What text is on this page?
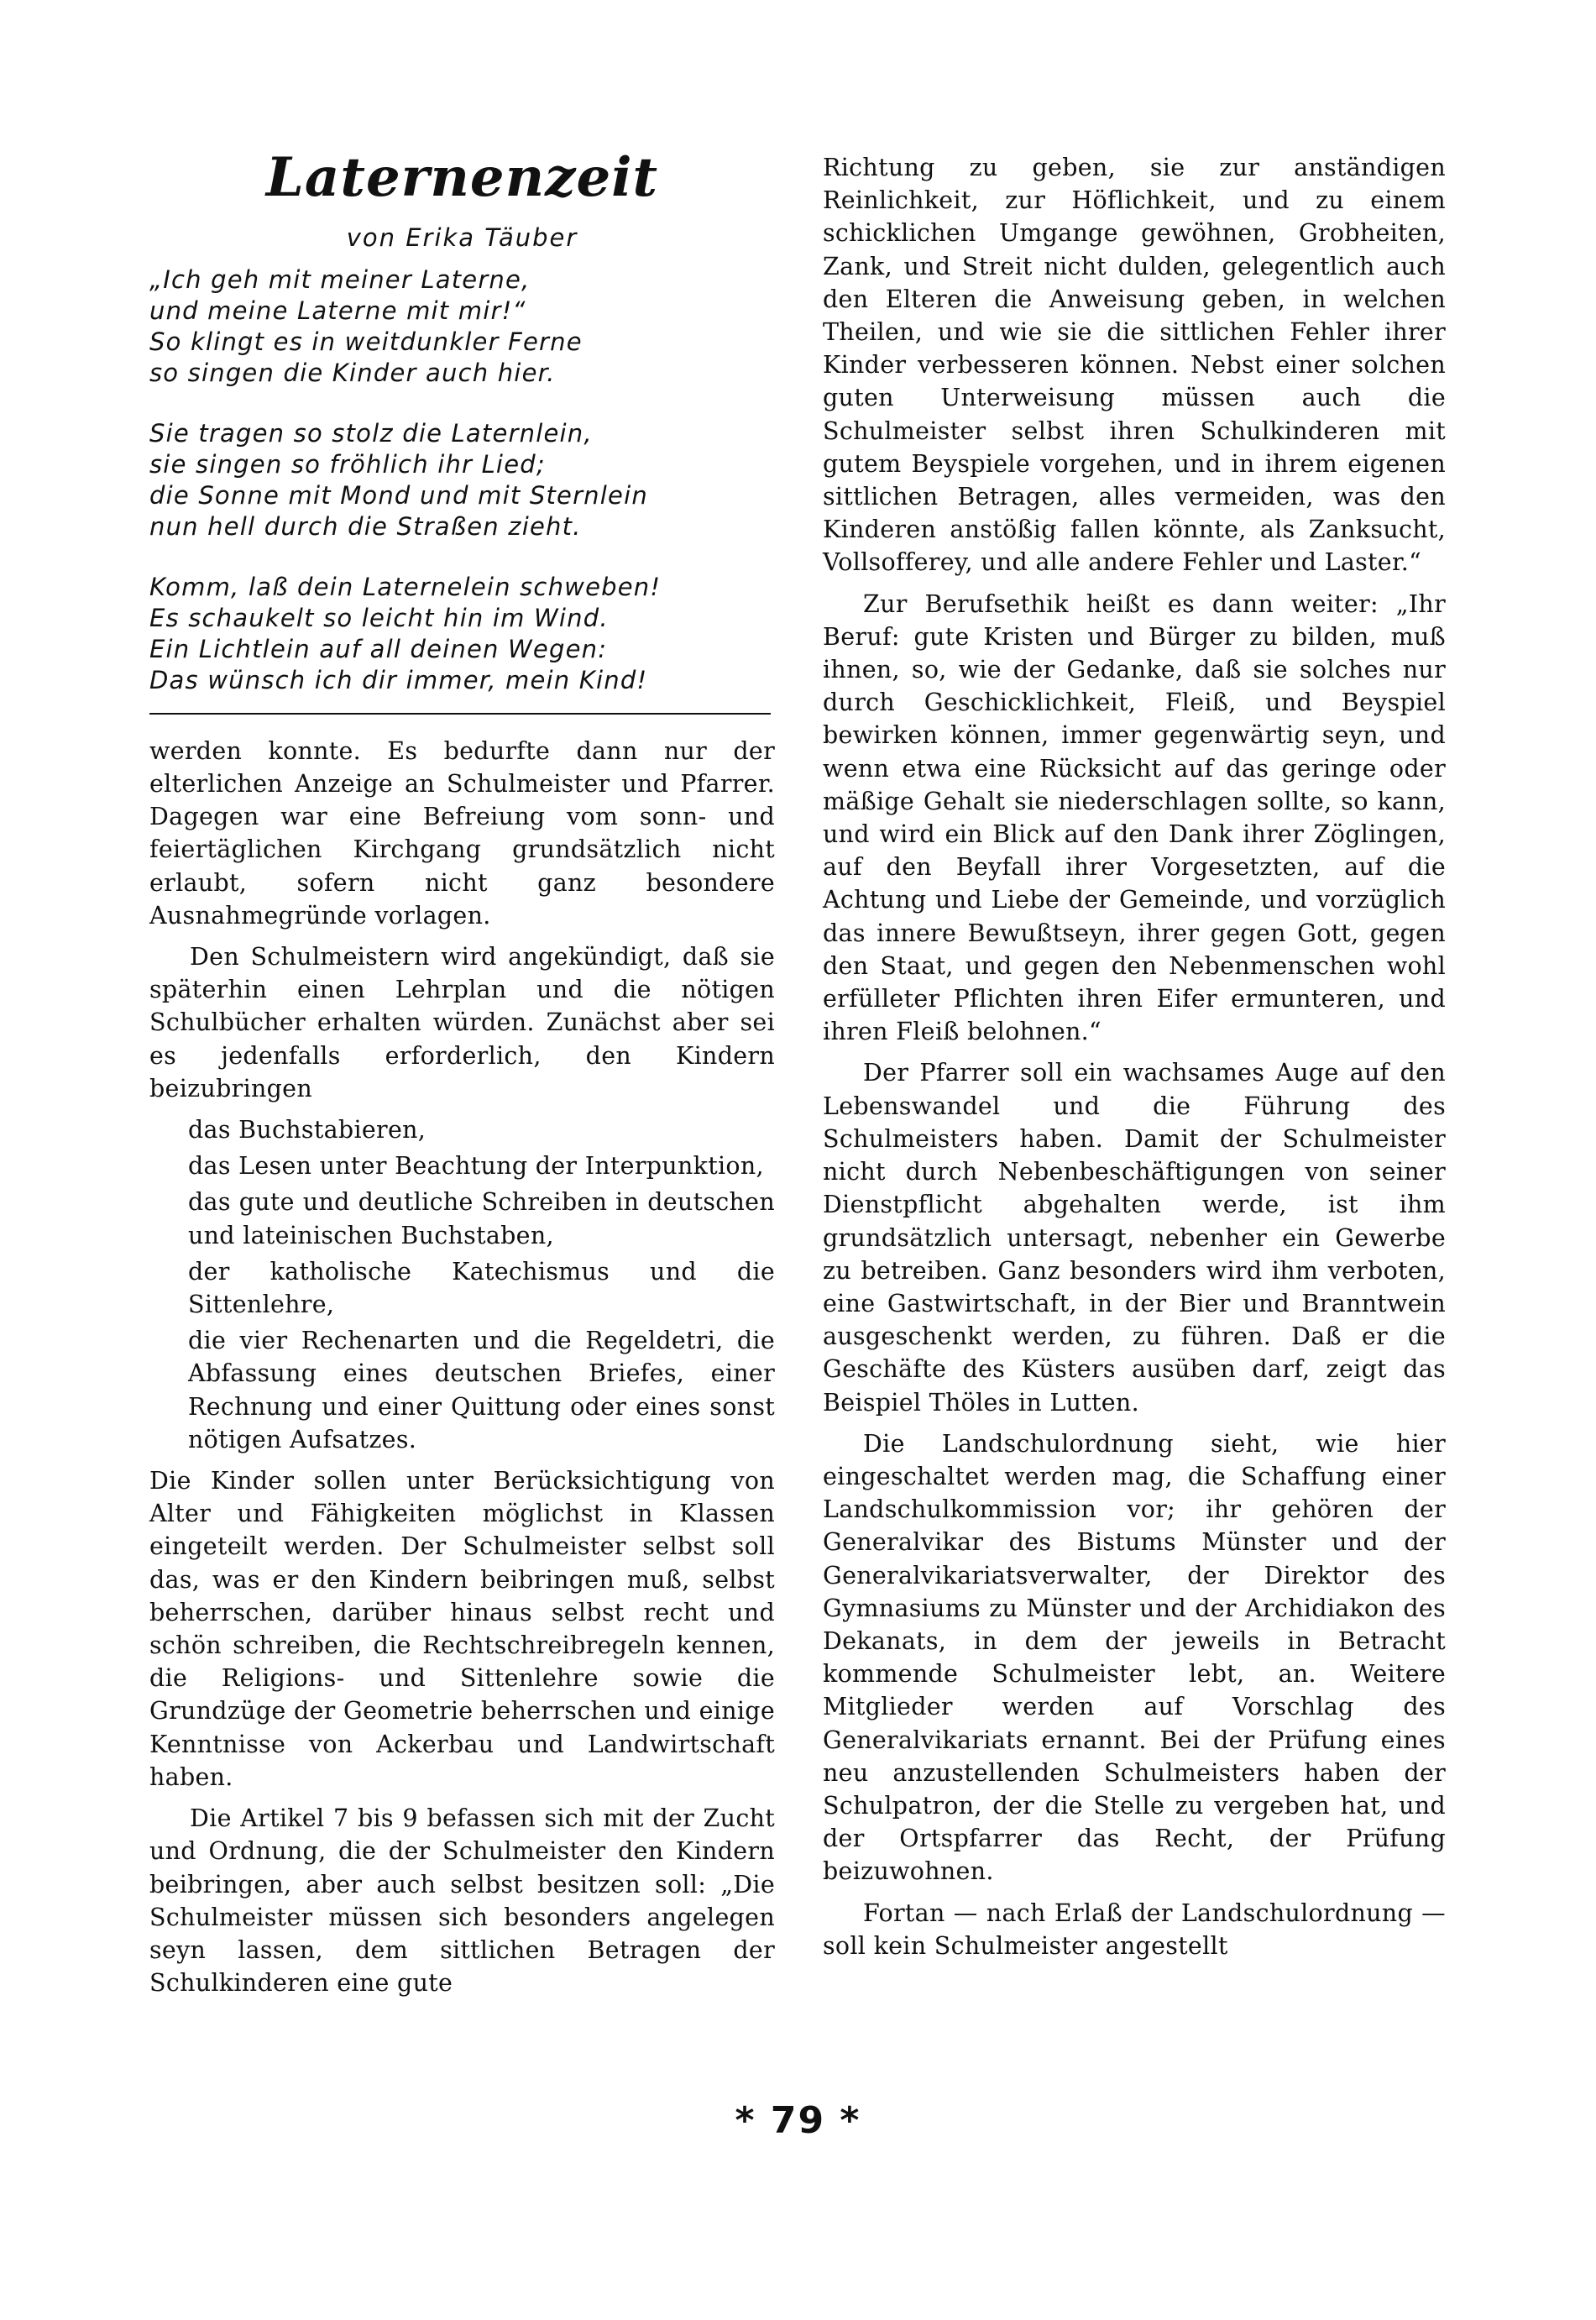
Laternenzeit
von Erika Täuber
„Ich geh mit meiner Laterne,
und meine Laterne mit mir!“
So klingt es in weitdunkler Ferne
so singen die Kinder auch hier.
Sie tragen so stolz die Laternlein,
sie singen so fröhlich ihr Lied;
die Sonne mit Mond und mit Sternlein
nun hell durch die Straßen zieht.
Komm, laß dein Laternelein schweben!
Es schaukelt so leicht hin im Wind.
Ein Lichtlein auf all deinen Wegen:
Das wünsch ich dir immer, mein Kind!

werden konnte. Es bedurfte dann nur der elterlichen Anzeige an Schulmeister und Pfarrer. Dagegen war eine Befreiung vom sonn- und feiertäglichen Kirchgang grundsätzlich nicht erlaubt, sofern nicht ganz besondere Ausnahmegründe vorlagen.

Den Schulmeistern wird angekündigt, daß sie späterhin einen Lehrplan und die nötigen Schulbücher erhalten würden. Zunächst aber sei es jedenfalls erforderlich, den Kindern beizubringen

das Buchstabieren,
das Lesen unter Beachtung der Interpunktion,
das gute und deutliche Schreiben in deutschen und lateinischen Buchstaben,
der katholische Katechismus und die Sittenlehre,
die vier Rechenarten und die Regeldetri, die Abfassung eines deutschen Briefes, einer Rechnung und einer Quittung oder eines sonst nötigen Aufsatzes.

Die Kinder sollen unter Berücksichtigung von Alter und Fähigkeiten möglichst in Klassen eingeteilt werden. Der Schulmeister selbst soll das, was er den Kindern beibringen muß, selbst beherrschen, darüber hinaus selbst recht und schön schreiben, die Rechtschreibregeln kennen, die Religions- und Sittenlehre sowie die Grundzüge der Geometrie beherrschen und einige Kenntnisse von Ackerbau und Landwirtschaft haben.

Die Artikel 7 bis 9 befassen sich mit der Zucht und Ordnung, die der Schulmeister den Kindern beibringen, aber auch selbst besitzen soll: „Die Schulmeister müssen sich besonders angelegen seyn lassen, dem sittlichen Betragen der Schulkinderen eine gute

Richtung zu geben, sie zur anständigen Reinlichkeit, zur Höflichkeit, und zu einem schicklichen Umgange gewöhnen, Grobheiten, Zank, und Streit nicht dulden, gelegentlich auch den Elteren die Anweisung geben, in welchen Theilen, und wie sie die sittlichen Fehler ihrer Kinder verbesseren können. Nebst einer solchen guten Unterweisung müssen auch die Schulmeister selbst ihren Schulkinderen mit gutem Beyspiele vorgehen, und in ihrem eigenen sittlichen Betragen, alles vermeiden, was den Kinderen anstößig fallen könnte, als Zanksucht, Vollsofferey, und alle andere Fehler und Laster.“

Zur Berufsethik heißt es dann weiter: „Ihr Beruf: gute Kristen und Bürger zu bilden, muß ihnen, so, wie der Gedanke, daß sie solches nur durch Geschicklichkeit, Fleiß, und Beyspiel bewirken können, immer gegenwärtig seyn, und wenn etwa eine Rücksicht auf das geringe oder mäßige Gehalt sie niederschlagen sollte, so kann, und wird ein Blick auf den Dank ihrer Zöglingen, auf den Beyfall ihrer Vorgesetzten, auf die Achtung und Liebe der Gemeinde, und vorzüglich das innere Bewußtseyn, ihrer gegen Gott, gegen den Staat, und gegen den Nebenmenschen wohl erfülleter Pflichten ihren Eifer ermunteren, und ihren Fleiß belohnen.“

Der Pfarrer soll ein wachsames Auge auf den Lebenswandel und die Führung des Schulmeisters haben. Damit der Schulmeister nicht durch Nebenbeschäftigungen von seiner Dienstpflicht abgehalten werde, ist ihm grundsätzlich untersagt, nebenher ein Gewerbe zu betreiben. Ganz besonders wird ihm verboten, eine Gastwirtschaft, in der Bier und Branntwein ausgeschenkt werden, zu führen. Daß er die Geschäfte des Küsters ausüben darf, zeigt das Beispiel Thöles in Lutten.

Die Landschulordnung sieht, wie hier eingeschaltet werden mag, die Schaffung einer Landschulkommission vor; ihr gehören der Generalvikar des Bistums Münster und der Generalvikariatsverwalter, der Direktor des Gymnasiums zu Münster und der Archidiakon des Dekanats, in dem der jeweils in Betracht kommende Schulmeister lebt, an. Weitere Mitglieder werden auf Vorschlag des Generalvikariats ernannt. Bei der Prüfung eines neu anzustellenden Schulmeisters haben der Schulpatron, der die Stelle zu vergeben hat, und der Ortspfarrer das Recht, der Prüfung beizuwohnen.

Fortan — nach Erlaß der Landschulordnung — soll kein Schulmeister angestellt

* 79 *
